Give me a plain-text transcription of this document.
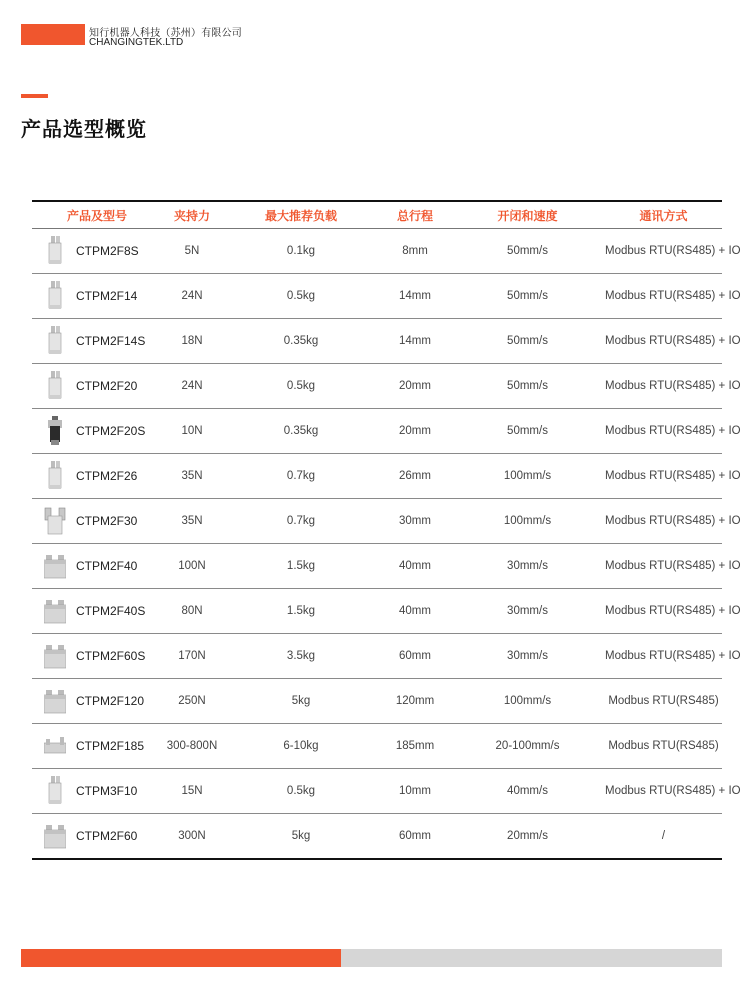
知行机器人科技（苏州）有限公司
CHANGINGTEK.LTD
产品选型概览
产品及型号	夹持力	最大推荐负载	总行程	开闭和速度	通讯方式
CTPM2F8S	5N	0.1kg	8mm	50mm/s	Modbus RTU(RS485) + IO
CTPM2F14	24N	0.5kg	14mm	50mm/s	Modbus RTU(RS485) + IO
CTPM2F14S	18N	0.35kg	14mm	50mm/s	Modbus RTU(RS485) + IO
CTPM2F20	24N	0.5kg	20mm	50mm/s	Modbus RTU(RS485) + IO
CTPM2F20S	10N	0.35kg	20mm	50mm/s	Modbus RTU(RS485) + IO
CTPM2F26	35N	0.7kg	26mm	100mm/s	Modbus RTU(RS485) + IO
CTPM2F30	35N	0.7kg	30mm	100mm/s	Modbus RTU(RS485) + IO
CTPM2F40	100N	1.5kg	40mm	30mm/s	Modbus RTU(RS485) + IO
CTPM2F40S	80N	1.5kg	40mm	30mm/s	Modbus RTU(RS485) + IO
CTPM2F60S	170N	3.5kg	60mm	30mm/s	Modbus RTU(RS485) + IO
CTPM2F120	250N	5kg	120mm	100mm/s	Modbus RTU(RS485)
CTPM2F185	300-800N	6-10kg	185mm	20-100mm/s	Modbus RTU(RS485)
CTPM3F10	15N	0.5kg	10mm	40mm/s	Modbus RTU(RS485) + IO
CTPM2F60	300N	5kg	60mm	20mm/s	/
